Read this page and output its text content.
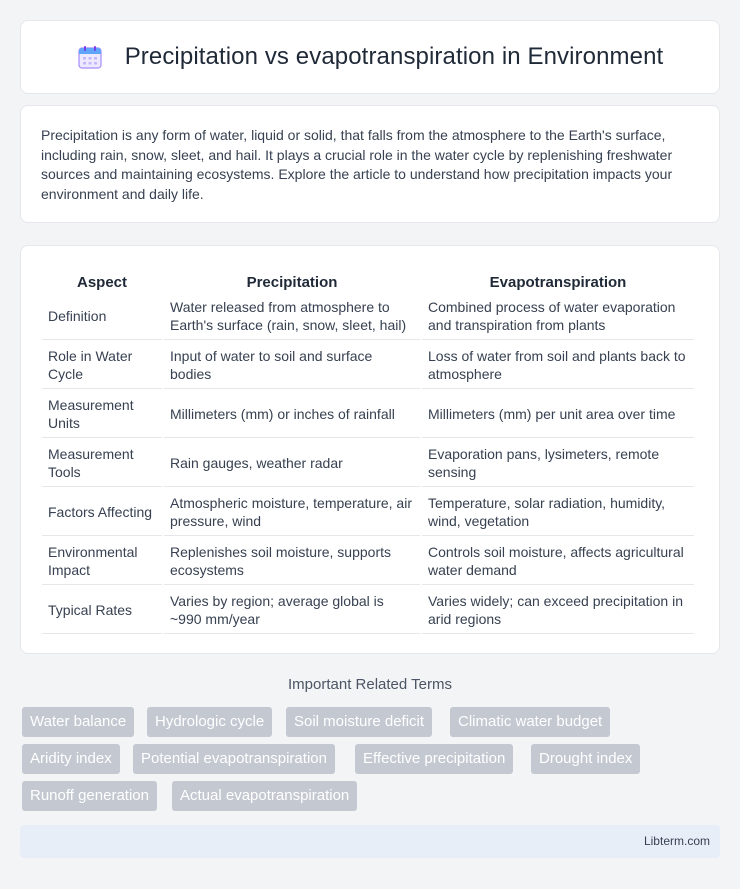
Precipitation vs evapotranspiration in Environment

Precipitation is any form of water, liquid or solid, that falls from the atmosphere to the Earth's surface, including rain, snow, sleet, and hail. It plays a crucial role in the water cycle by replenishing freshwater sources and maintaining ecosystems. Explore the article to understand how precipitation impacts your environment and daily life.

Aspect	Precipitation	Evapotranspiration
Definition	Water released from atmosphere to Earth's surface (rain, snow, sleet, hail)	Combined process of water evaporation and transpiration from plants
Role in Water Cycle	Input of water to soil and surface bodies	Loss of water from soil and plants back to atmosphere
Measurement Units	Millimeters (mm) or inches of rainfall	Millimeters (mm) per unit area over time
Measurement Tools	Rain gauges, weather radar	Evaporation pans, lysimeters, remote sensing
Factors Affecting	Atmospheric moisture, temperature, air pressure, wind	Temperature, solar radiation, humidity, wind, vegetation
Environmental Impact	Replenishes soil moisture, supports ecosystems	Controls soil moisture, affects agricultural water demand
Typical Rates	Varies by region; average global is ~990 mm/year	Varies widely; can exceed precipitation in arid regions
Important Related Terms
Water balance	Hydrologic cycle	Soil moisture deficit	Climatic water budget
Aridity index	Potential evapotranspiration	Effective precipitation	Drought index
Runoff generation	Actual evapotranspiration
Libterm.com
